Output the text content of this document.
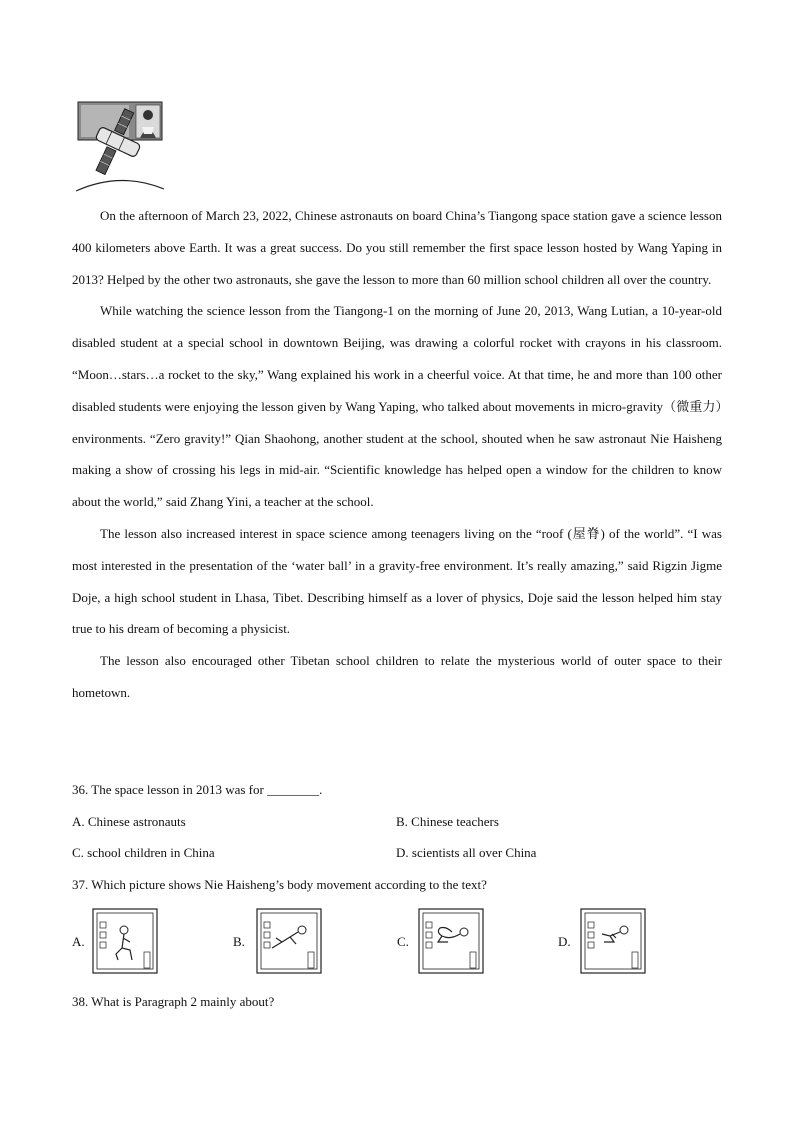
On the afternoon of March 23, 2022, Chinese astronauts on board China’s Tiangong space station gave a science lesson 400 kilometers above Earth. It was a great success. Do you still remember the first space lesson hosted by Wang Yaping in 2013? Helped by the other two astronauts, she gave the lesson to more than 60 million school children all over the country.

While watching the science lesson from the Tiangong-1 on the morning of June 20, 2013, Wang Lutian, a 10-year-old disabled student at a special school in downtown Beijing, was drawing a colorful rocket with crayons in his classroom. “Moon…stars…a rocket to the sky,” Wang explained his work in a cheerful voice. At that time, he and more than 100 other disabled students were enjoying the lesson given by Wang Yaping, who talked about movements in micro-gravity（微重力）environments. “Zero gravity!” Qian Shaohong, another student at the school, shouted when he saw astronaut Nie Haisheng making a show of crossing his legs in mid-air. “Scientific knowledge has helped open a window for the children to know about the world,” said Zhang Yini, a teacher at the school.

The lesson also increased interest in space science among teenagers living on the “roof (屋脊) of the world”. “I was most interested in the presentation of the ‘water ball’ in a gravity-free environment. It’s really amazing,” said Rigzin Jigme Doje, a high school student in Lhasa, Tibet. Describing himself as a lover of physics, Doje said the lesson helped him stay true to his dream of becoming a physicist.

The lesson also encouraged other Tibetan school children to relate the mysterious world of outer space to their hometown.

36. The space lesson in 2013 was for ________.
A. Chinese astronauts	B. Chinese teachers
C. school children in China	D. scientists all over China
37. Which picture shows Nie Haisheng’s body movement according to the text?
A.	B.	C.	D.
38. What is Paragraph 2 mainly about?
